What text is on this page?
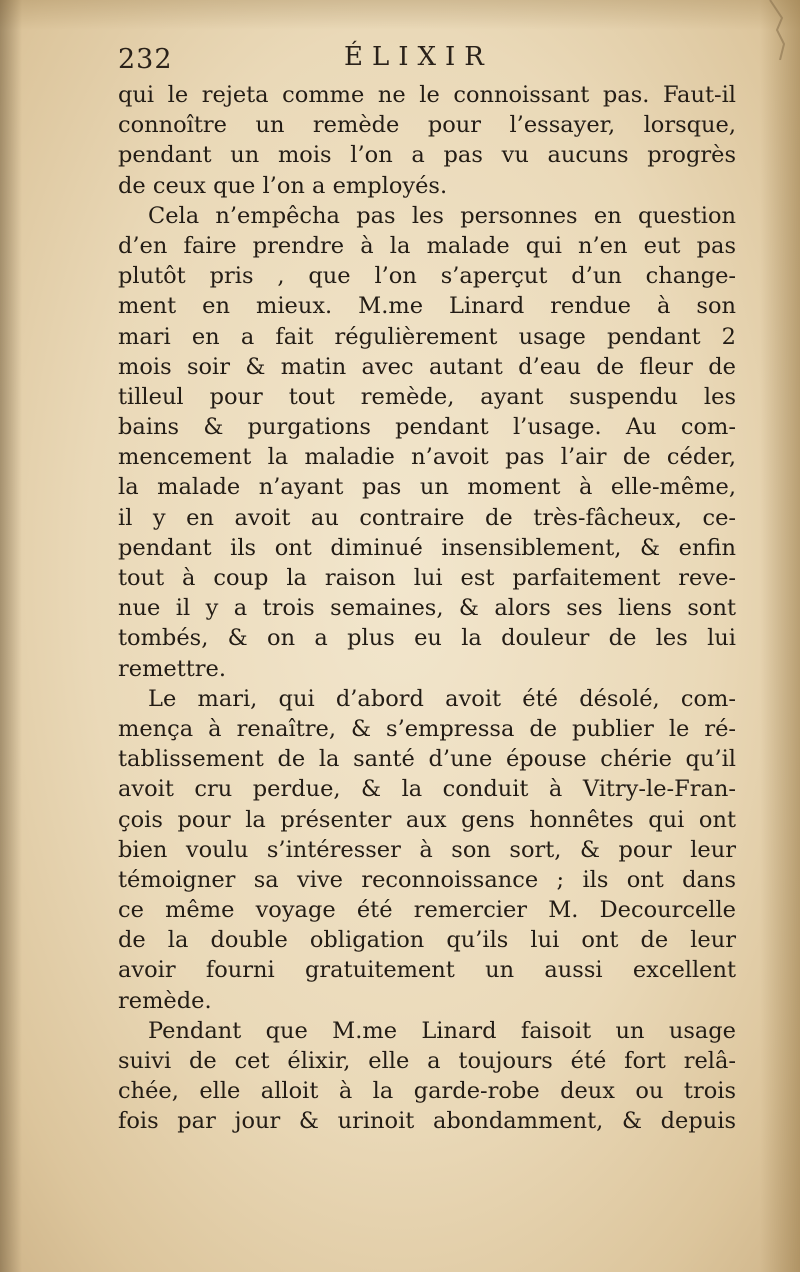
232	ÉLIXIR
qui le rejeta comme ne le connoissant pas. Faut-il
connoître un remède pour l’essayer, lorsque,
pendant un mois l’on a pas vu aucuns progrès
de ceux que l’on a employés.
Cela n’empêcha pas les personnes en question
d’en faire prendre à la malade qui n’en eut pas
plutôt pris , que l’on s’aperçut d’un change-
ment en mieux. M.me Linard rendue à son
mari en a fait régulièrement usage pendant 2
mois soir & matin avec autant d’eau de fleur de
tilleul pour tout remède, ayant suspendu les
bains & purgations pendant l’usage. Au com-
mencement la maladie n’avoit pas l’air de céder,
la malade n’ayant pas un moment à elle-même,
il y en avoit au contraire de très-fâcheux, ce-
pendant ils ont diminué insensiblement, & enfin
tout à coup la raison lui est parfaitement reve-
nue il y a trois semaines, & alors ses liens sont
tombés, & on a plus eu la douleur de les lui
remettre.
Le mari, qui d’abord avoit été désolé, com-
mença à renaître, & s’empressa de publier le ré-
tablissement de la santé d’une épouse chérie qu’il
avoit cru perdue, & la conduit à Vitry-le-Fran-
çois pour la présenter aux gens honnêtes qui ont
bien voulu s’intéresser à son sort, & pour leur
témoigner sa vive reconnoissance ; ils ont dans
ce même voyage été remercier M. Decourcelle
de la double obligation qu’ils lui ont de leur
avoir fourni gratuitement un aussi excellent
remède.
Pendant que M.me Linard faisoit un usage
suivi de cet élixir, elle a toujours été fort relâ-
chée, elle alloit à la garde-robe deux ou trois
fois par jour & urinoit abondamment, & depuis
